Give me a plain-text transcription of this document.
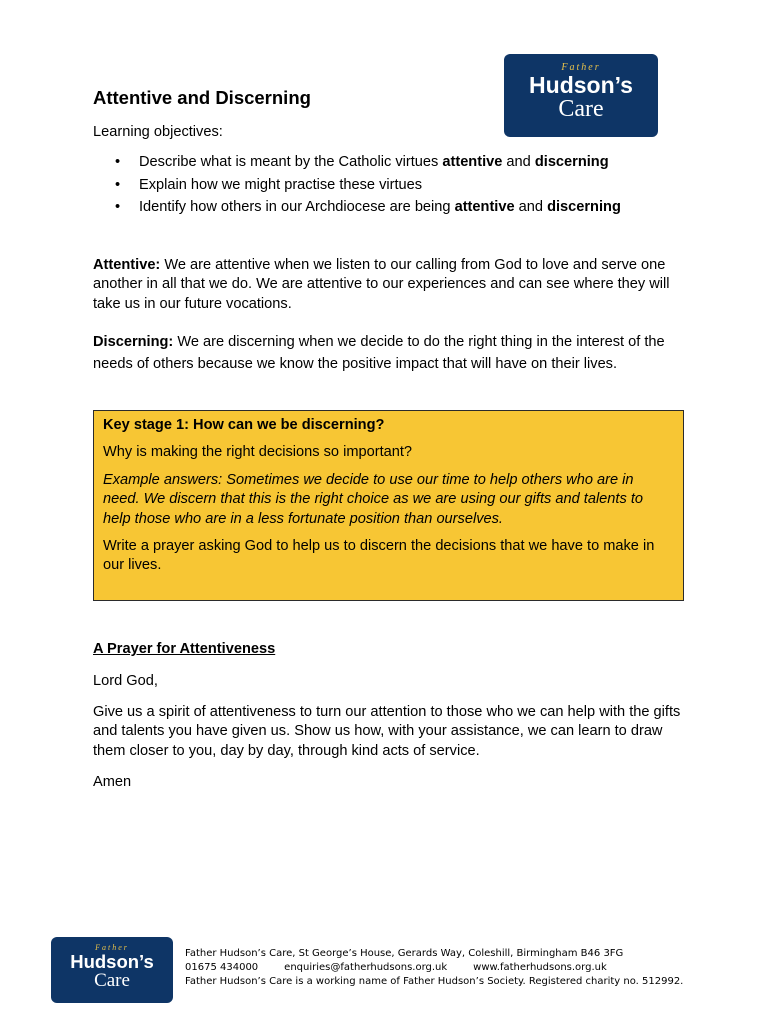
Father
Hudson’s
Care
Attentive and Discerning
Learning objectives:
• Describe what is meant by the Catholic virtues attentive and discerning
• Explain how we might practise these virtues
• Identify how others in our Archdiocese are being attentive and discerning

Attentive: We are attentive when we listen to our calling from God to love and serve one another in all that we do. We are attentive to our experiences and can see where they will take us in our future vocations.

Discerning: We are discerning when we decide to do the right thing in the interest of the needs of others because we know the positive impact that will have on their lives.

Key stage 1: How can we be discerning?

Why is making the right decisions so important?

Example answers: Sometimes we decide to use our time to help others who are in need. We discern that this is the right choice as we are using our gifts and talents to help those who are in a less fortunate position than ourselves.

Write a prayer asking God to help us to discern the decisions that we have to make in our lives.

A Prayer for Attentiveness

Lord God,

Give us a spirit of attentiveness to turn our attention to those who we can help with the gifts and talents you have given us. Show us how, with your assistance, we can learn to draw them closer to you, day by day, through kind acts of service.

Amen

Father
Hudson’s
Care
Father Hudson’s Care, St George’s House, Gerards Way, Coleshill, Birmingham B46 3FG
01675 434000	enquiries@fatherhudsons.org.uk	www.fatherhudsons.org.uk
Father Hudson’s Care is a working name of Father Hudson’s Society. Registered charity no. 512992.
